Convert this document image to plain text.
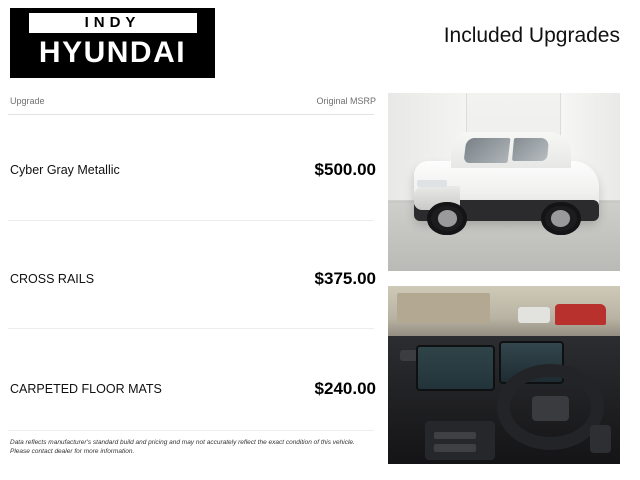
INDY
HYUNDAI
Included Upgrades
Upgrade	Original MSRP
Cyber Gray Metallic	$500.00
CROSS RAILS	$375.00
CARPETED FLOOR MATS	$240.00
Data reflects manufacturer's standard build and pricing and may not accurately reflect the exact condition of this vehicle.
Please contact dealer for more information.
